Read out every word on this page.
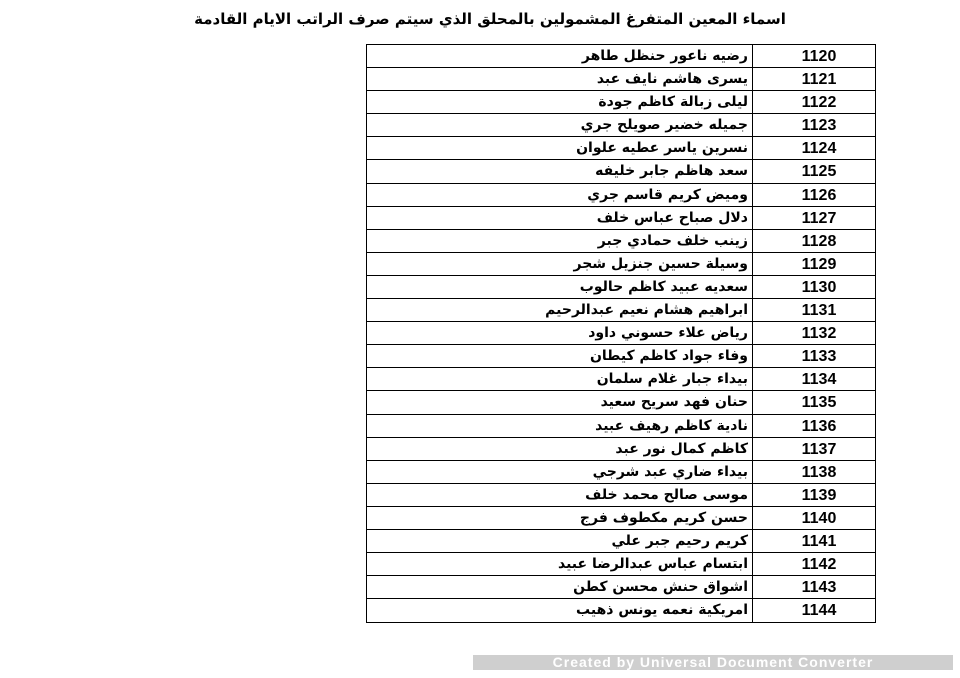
اسماء المعين المتفرغ المشمولين بالمحلق الذي سيتم صرف الراتب الايام القادمة
رضيه ناعور حنظل طاهر	1120
يسرى هاشم نايف عبد	1121
ليلى زبالة كاظم جودة	1122
جميله خضير صويلح جري	1123
نسرين ياسر عطيه علوان	1124
سعد هاظم جابر خليفه	1125
وميض كريم قاسم جري	1126
دلال صباح عباس خلف	1127
زينب خلف حمادي جبر	1128
وسيلة حسين جنزيل شجر	1129
سعديه عبيد كاظم حالوب	1130
ابراهيم هشام نعيم عبدالرحيم	1131
رياض علاء حسوني داود	1132
وفاء جواد كاظم كيطان	1133
بيداء جبار غلام سلمان	1134
حنان فهد سريح سعيد	1135
نادية كاظم رهيف عبيد	1136
كاظم كمال نور عبد	1137
بيداء ضاري عبد شرجي	1138
موسى صالح محمد خلف	1139
حسن كريم مكطوف فرج	1140
كريم رحيم جبر علي	1141
ابتسام عباس عبدالرضا عبيد	1142
اشواق حنش محسن كطن	1143
امريكية نعمه يونس ذهيب	1144
Created by Universal Document Converter
